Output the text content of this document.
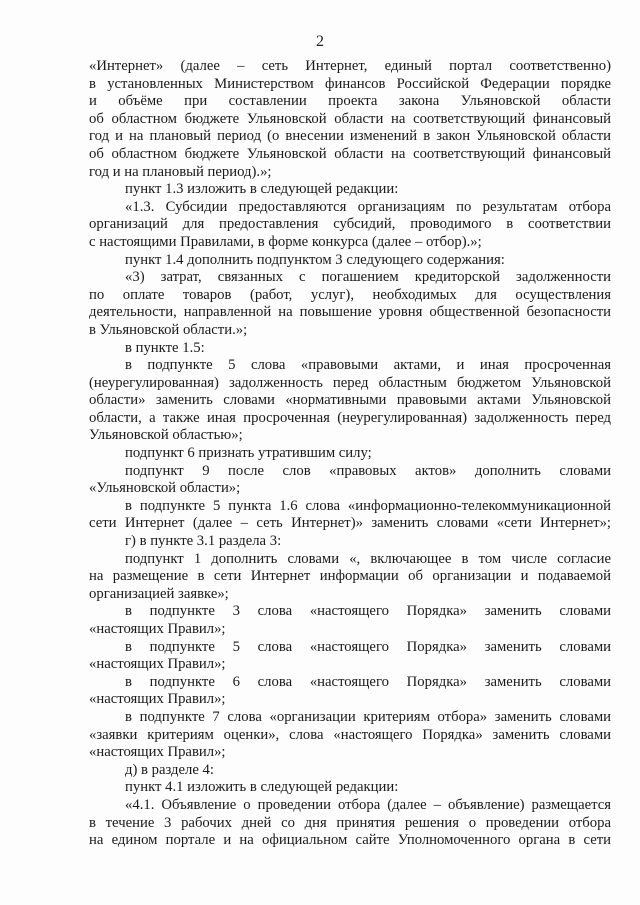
2
«Интернет» (далее – сеть Интернет, единый портал соответственно)
в установленных Министерством финансов Российской Федерации порядке
и объёме при составлении проекта закона Ульяновской области
об областном бюджете Ульяновской области на соответствующий финансовый
год и на плановый период (о внесении изменений в закон Ульяновской области
об областном бюджете Ульяновской области на соответствующий финансовый
год и на плановый период).»;
пункт 1.3 изложить в следующей редакции:
«1.3. Субсидии предоставляются организациям по результатам отбора
организаций для предоставления субсидий, проводимого в соответствии
с настоящими Правилами, в форме конкурса (далее – отбор).»;
пункт 1.4 дополнить подпунктом 3 следующего содержания:
«3) затрат, связанных с погашением кредиторской задолженности
по оплате товаров (работ, услуг), необходимых для осуществления
деятельности, направленной на повышение уровня общественной безопасности
в Ульяновской области.»;
в пункте 1.5:
в подпункте 5 слова «правовыми актами, и иная просроченная
(неурегулированная) задолженность перед областным бюджетом Ульяновской
области» заменить словами «нормативными правовыми актами Ульяновской
области, а также иная просроченная (неурегулированная) задолженность перед
Ульяновской областью»;
подпункт 6 признать утратившим силу;
подпункт 9 после слов «правовых актов» дополнить словами
«Ульяновской области»;
в подпункте 5 пункта 1.6 слова «информационно-телекоммуникационной
сети Интернет (далее – сеть Интернет)» заменить словами «сети Интернет»;
г) в пункте 3.1 раздела 3:
подпункт 1 дополнить словами «, включающее в том числе согласие
на размещение в сети Интернет информации об организации и подаваемой
организацией заявке»;
в подпункте 3 слова «настоящего Порядка» заменить словами
«настоящих Правил»;
в подпункте 5 слова «настоящего Порядка» заменить словами
«настоящих Правил»;
в подпункте 6 слова «настоящего Порядка» заменить словами
«настоящих Правил»;
в подпункте 7 слова «организации критериям отбора» заменить словами
«заявки критериям оценки», слова «настоящего Порядка» заменить словами
«настоящих Правил»;
д) в разделе 4:
пункт 4.1 изложить в следующей редакции:
«4.1. Объявление о проведении отбора (далее – объявление) размещается
в течение 3 рабочих дней со дня принятия решения о проведении отбора
на едином портале и на официальном сайте Уполномоченного органа в сети
